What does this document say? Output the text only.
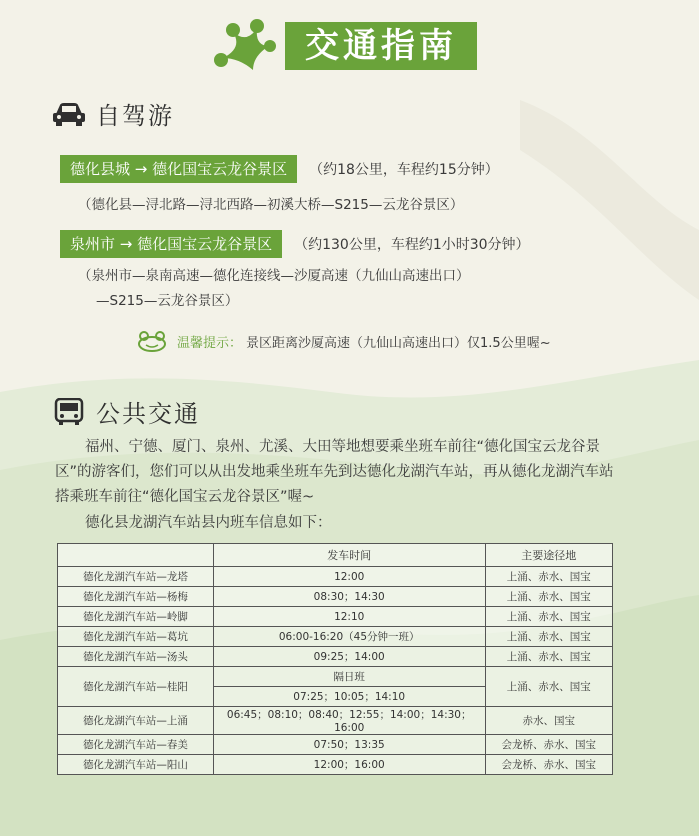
交通指南
自驾游
德化县城 → 德化国宝云龙谷景区	（约18公里，车程约15分钟）
（德化县—浔北路—浔北西路—初溪大桥—S215—云龙谷景区）
泉州市 → 德化国宝云龙谷景区	（约130公里，车程约1小时30分钟）
（泉州市—泉南高速—德化连接线—沙厦高速（九仙山高速出口）
—S215—云龙谷景区）
温馨提示： 景区距离沙厦高速（九仙山高速出口）仅1.5公里喔~
公共交通
福州、宁德、厦门、泉州、尤溪、大田等地想要乘坐班车前往“德化国宝云龙谷景区”的游客们，您们可以从出发地乘坐班车先到达德化龙湖汽车站，再从德化龙湖汽车站搭乘班车前往“德化国宝云龙谷景区”喔~
德化县龙湖汽车站县内班车信息如下：
	发车时间	主要途径地
德化龙湖汽车站—龙塔	12:00	上涌、赤水、国宝
德化龙湖汽车站—杨梅	08:30；14:30	上涌、赤水、国宝
德化龙湖汽车站—岭脚	12:10	上涌、赤水、国宝
德化龙湖汽车站—葛坑	06:00-16:20（45分钟一班）	上涌、赤水、国宝
德化龙湖汽车站—汤头	09:25；14:00	上涌、赤水、国宝
德化龙湖汽车站—桂阳	隔日班	上涌、赤水、国宝
	07:25；10:05；14:10	
德化龙湖汽车站—上涌	06:45；08:10；08:40；12:55；14:00；14:30；16:00	赤水、国宝
德化龙湖汽车站—春美	07:50；13:35	会龙桥、赤水、国宝
德化龙湖汽车站—阳山	12:00；16:00	会龙桥、赤水、国宝
